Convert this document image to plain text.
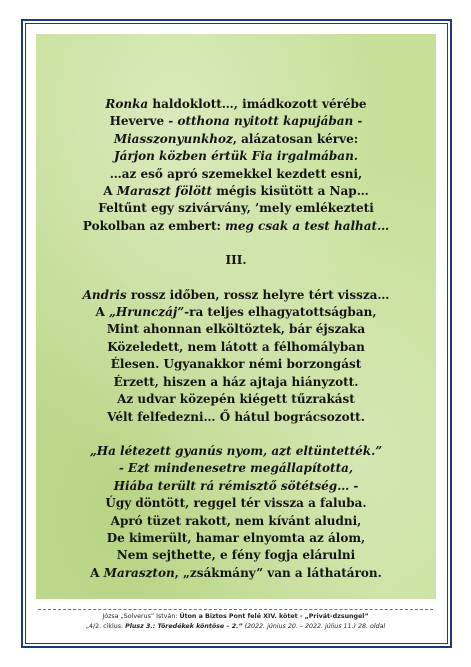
Ronka haldoklott…, imádkozott vérébe
Heverve - otthona nyitott kapujában -
Miasszonyunkhoz, alázatosan kérve:
Járjon közben értük Fia irgalmában.
…az eső apró szemekkel kezdett esni,
A Maraszt fölött mégis kisütött a Nap…
Feltűnt egy szivárvány, ’mely emlékezteti
Pokolban az embert: meg csak a test halhat…
III.
Andris rossz időben, rossz helyre tért vissza…
A „Hrunczáj”-ra teljes elhagyatottságban,
Mint ahonnan elköltöztek, bár éjszaka
Közeledett, nem látott a félhomályban
Élesen. Ugyanakkor némi borzongást
Érzett, hiszen a ház ajtaja hiányzott.
Az udvar közepén kiégett tűzrakást
Vélt felfedezni… Ő hátul bográcsozott.
„Ha létezett gyanús nyom, azt eltüntették.”
- Ezt mindenesetre megállapította,
Hiába terült rá rémisztő sötétség… -
Úgy döntött, reggel tér vissza a faluba.
Apró tüzet rakott, nem kívánt aludni,
De kimerült, hamar elnyomta az álom,
Nem sejthette, e fény fogja elárulni
A Maraszton, „zsákmány” van a láthatáron.
Józsa „Solverus” István: Úton a Biztos Pont felé XIV. kötet - „Privát-dzsungel”
„4/2. ciklus: Plusz 3.: Töredékek köntöse – 2.” (2022. június 20. – 2022. július 11.) 28. oldal
